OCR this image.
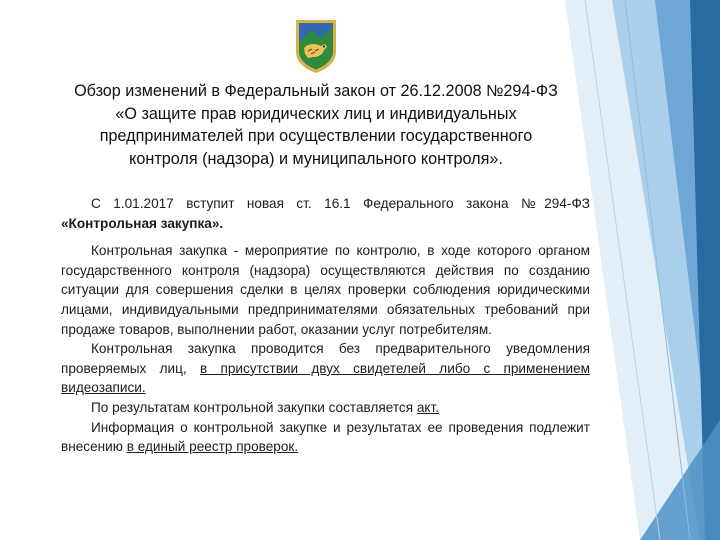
Обзор изменений в Федеральный закон от 26.12.2008 №294-ФЗ
«О защите прав юридических лиц и индивидуальных
предпринимателей при осуществлении государственного
контроля (надзора) и муниципального контроля».

С 1.01.2017 вступит новая ст. 16.1 Федерального закона №294-ФЗ «Контрольная закупка».

Контрольная закупка - мероприятие по контролю, в ходе которого органом государственного контроля (надзора) осуществляются действия по созданию ситуации для совершения сделки в целях проверки соблюдения юридическими лицами, индивидуальными предпринимателями обязательных требований при продаже товаров, выполнении работ, оказании услуг потребителям.

Контрольная закупка проводится без предварительного уведомления проверяемых лиц, в присутствии двух свидетелей либо с применением видеозаписи.

По результатам контрольной закупки составляется акт.

Информация о контрольной закупке и результатах ее проведения подлежит внесению в единый реестр проверок.
